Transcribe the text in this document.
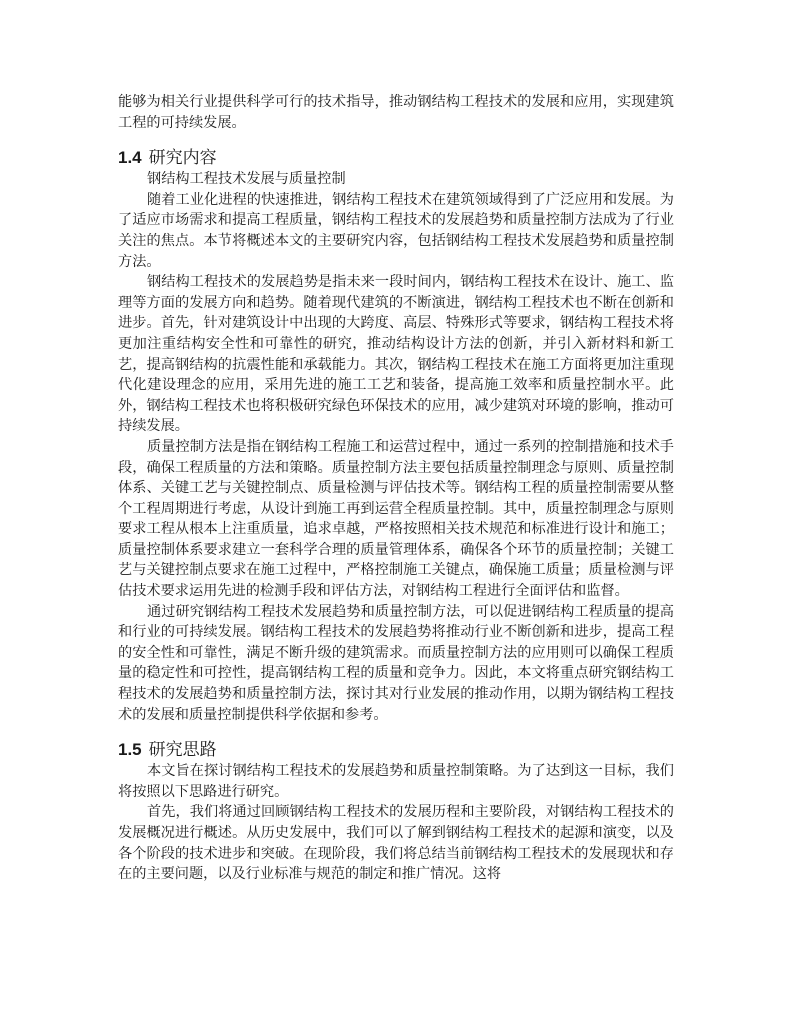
能够为相关行业提供科学可行的技术指导，推动钢结构工程技术的发展和应用，实现建筑工程的可持续发展。

1.4 研究内容

钢结构工程技术发展与质量控制

随着工业化进程的快速推进，钢结构工程技术在建筑领域得到了广泛应用和发展。为了适应市场需求和提高工程质量，钢结构工程技术的发展趋势和质量控制方法成为了行业关注的焦点。本节将概述本文的主要研究内容，包括钢结构工程技术发展趋势和质量控制方法。

钢结构工程技术的发展趋势是指未来一段时间内，钢结构工程技术在设计、施工、监理等方面的发展方向和趋势。随着现代建筑的不断演进，钢结构工程技术也不断在创新和进步。首先，针对建筑设计中出现的大跨度、高层、特殊形式等要求，钢结构工程技术将更加注重结构安全性和可靠性的研究，推动结构设计方法的创新，并引入新材料和新工艺，提高钢结构的抗震性能和承载能力。其次，钢结构工程技术在施工方面将更加注重现代化建设理念的应用，采用先进的施工工艺和装备，提高施工效率和质量控制水平。此外，钢结构工程技术也将积极研究绿色环保技术的应用，减少建筑对环境的影响，推动可持续发展。

质量控制方法是指在钢结构工程施工和运营过程中，通过一系列的控制措施和技术手段，确保工程质量的方法和策略。质量控制方法主要包括质量控制理念与原则、质量控制体系、关键工艺与关键控制点、质量检测与评估技术等。钢结构工程的质量控制需要从整个工程周期进行考虑，从设计到施工再到运营全程质量控制。其中，质量控制理念与原则要求工程从根本上注重质量，追求卓越，严格按照相关技术规范和标准进行设计和施工；质量控制体系要求建立一套科学合理的质量管理体系，确保各个环节的质量控制；关键工艺与关键控制点要求在施工过程中，严格控制施工关键点，确保施工质量；质量检测与评估技术要求运用先进的检测手段和评估方法，对钢结构工程进行全面评估和监督。

通过研究钢结构工程技术发展趋势和质量控制方法，可以促进钢结构工程质量的提高和行业的可持续发展。钢结构工程技术的发展趋势将推动行业不断创新和进步，提高工程的安全性和可靠性，满足不断升级的建筑需求。而质量控制方法的应用则可以确保工程质量的稳定性和可控性，提高钢结构工程的质量和竞争力。因此，本文将重点研究钢结构工程技术的发展趋势和质量控制方法，探讨其对行业发展的推动作用，以期为钢结构工程技术的发展和质量控制提供科学依据和参考。

1.5 研究思路

本文旨在探讨钢结构工程技术的发展趋势和质量控制策略。为了达到这一目标，我们将按照以下思路进行研究。

首先，我们将通过回顾钢结构工程技术的发展历程和主要阶段，对钢结构工程技术的发展概况进行概述。从历史发展中，我们可以了解到钢结构工程技术的起源和演变，以及各个阶段的技术进步和突破。在现阶段，我们将总结当前钢结构工程技术的发展现状和存在的主要问题，以及行业标准与规范的制定和推广情况。这将
